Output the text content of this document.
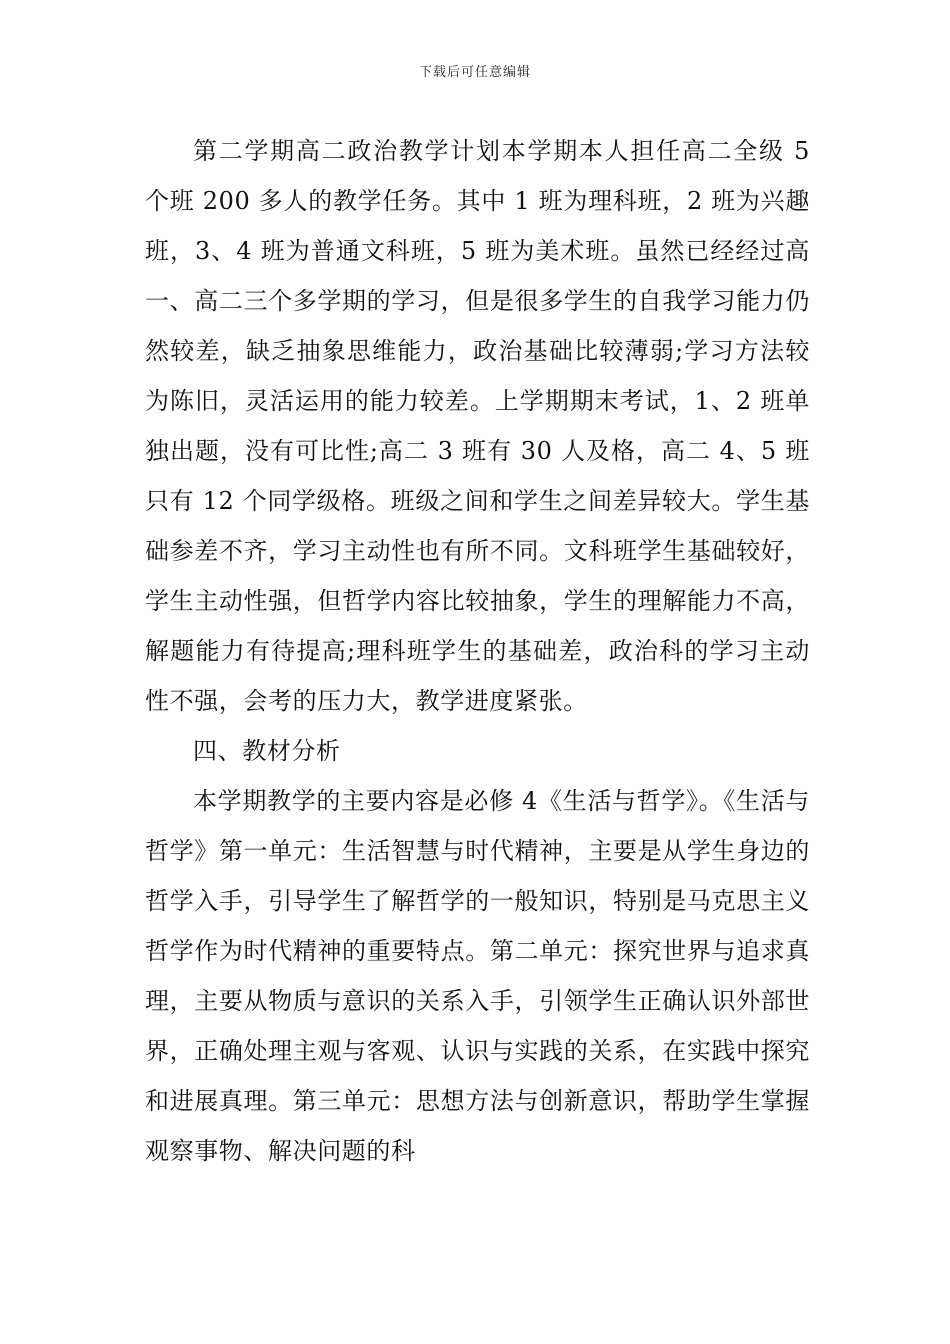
下载后可任意编辑

第二学期高二政治教学计划本学期本人担任高二全级 5 个班 200 多人的教学任务。其中 1 班为理科班，2 班为兴趣班，3、4 班为普通文科班，5 班为美术班。虽然已经经过高一、高二三个多学期的学习，但是很多学生的自我学习能力仍然较差，缺乏抽象思维能力，政治基础比较薄弱;学习方法较为陈旧，灵活运用的能力较差。上学期期末考试，1、2 班单独出题，没有可比性;高二 3 班有 30 人及格，高二 4、5 班只有 12 个同学级格。班级之间和学生之间差异较大。学生基础参差不齐，学习主动性也有所不同。文科班学生基础较好，学生主动性强，但哲学内容比较抽象，学生的理解能力不高，解题能力有待提高;理科班学生的基础差，政治科的学习主动性不强，会考的压力大，教学进度紧张。

四、教材分析

本学期教学的主要内容是必修 4《生活与哲学》。《生活与哲学》第一单元：生活智慧与时代精神，主要是从学生身边的哲学入手，引导学生了解哲学的一般知识，特别是马克思主义哲学作为时代精神的重要特点。第二单元：探究世界与追求真理，主要从物质与意识的关系入手，引领学生正确认识外部世界，正确处理主观与客观、认识与实践的关系，在实践中探究和进展真理。第三单元：思想方法与创新意识，帮助学生掌握观察事物、解决问题的科
